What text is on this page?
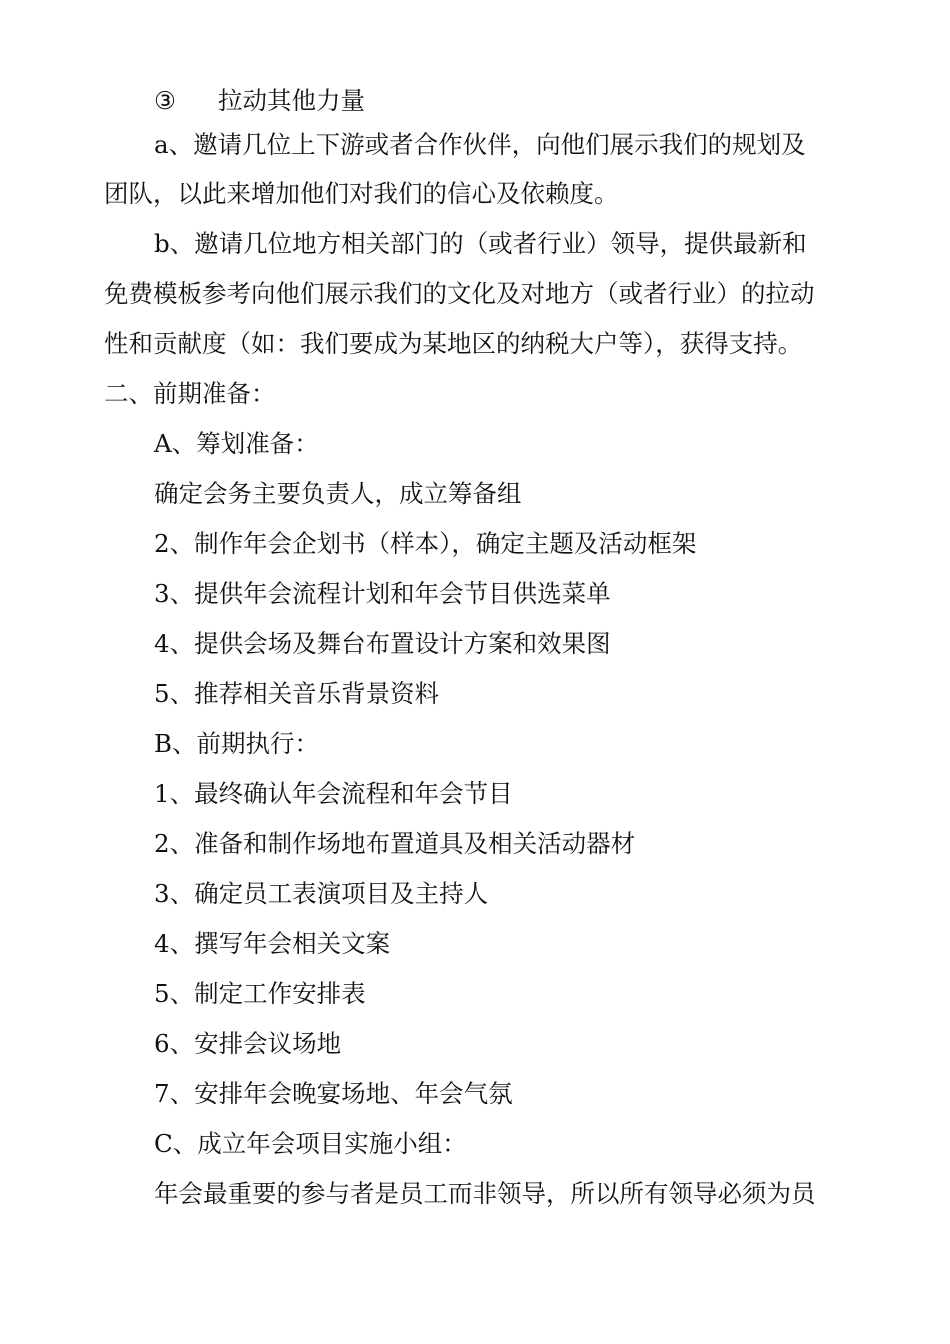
③ 拉动其他力量
a、邀请几位上下游或者合作伙伴，向他们展示我们的规划及
团队，以此来增加他们对我们的信心及依赖度。
b、邀请几位地方相关部门的（或者行业）领导，提供最新和
免费模板参考向他们展示我们的文化及对地方（或者行业）的拉动
性和贡献度（如：我们要成为某地区的纳税大户等），获得支持。
二、前期准备：
A、筹划准备：
确定会务主要负责人，成立筹备组
2、制作年会企划书（样本），确定主题及活动框架
3、提供年会流程计划和年会节目供选菜单
4、提供会场及舞台布置设计方案和效果图
5、推荐相关音乐背景资料
B、前期执行：
1、最终确认年会流程和年会节目
2、准备和制作场地布置道具及相关活动器材
3、确定员工表演项目及主持人
4、撰写年会相关文案
5、制定工作安排表
6、安排会议场地
7、安排年会晚宴场地、年会气氛
C、成立年会项目实施小组：
年会最重要的参与者是员工而非领导，所以所有领导必须为员
